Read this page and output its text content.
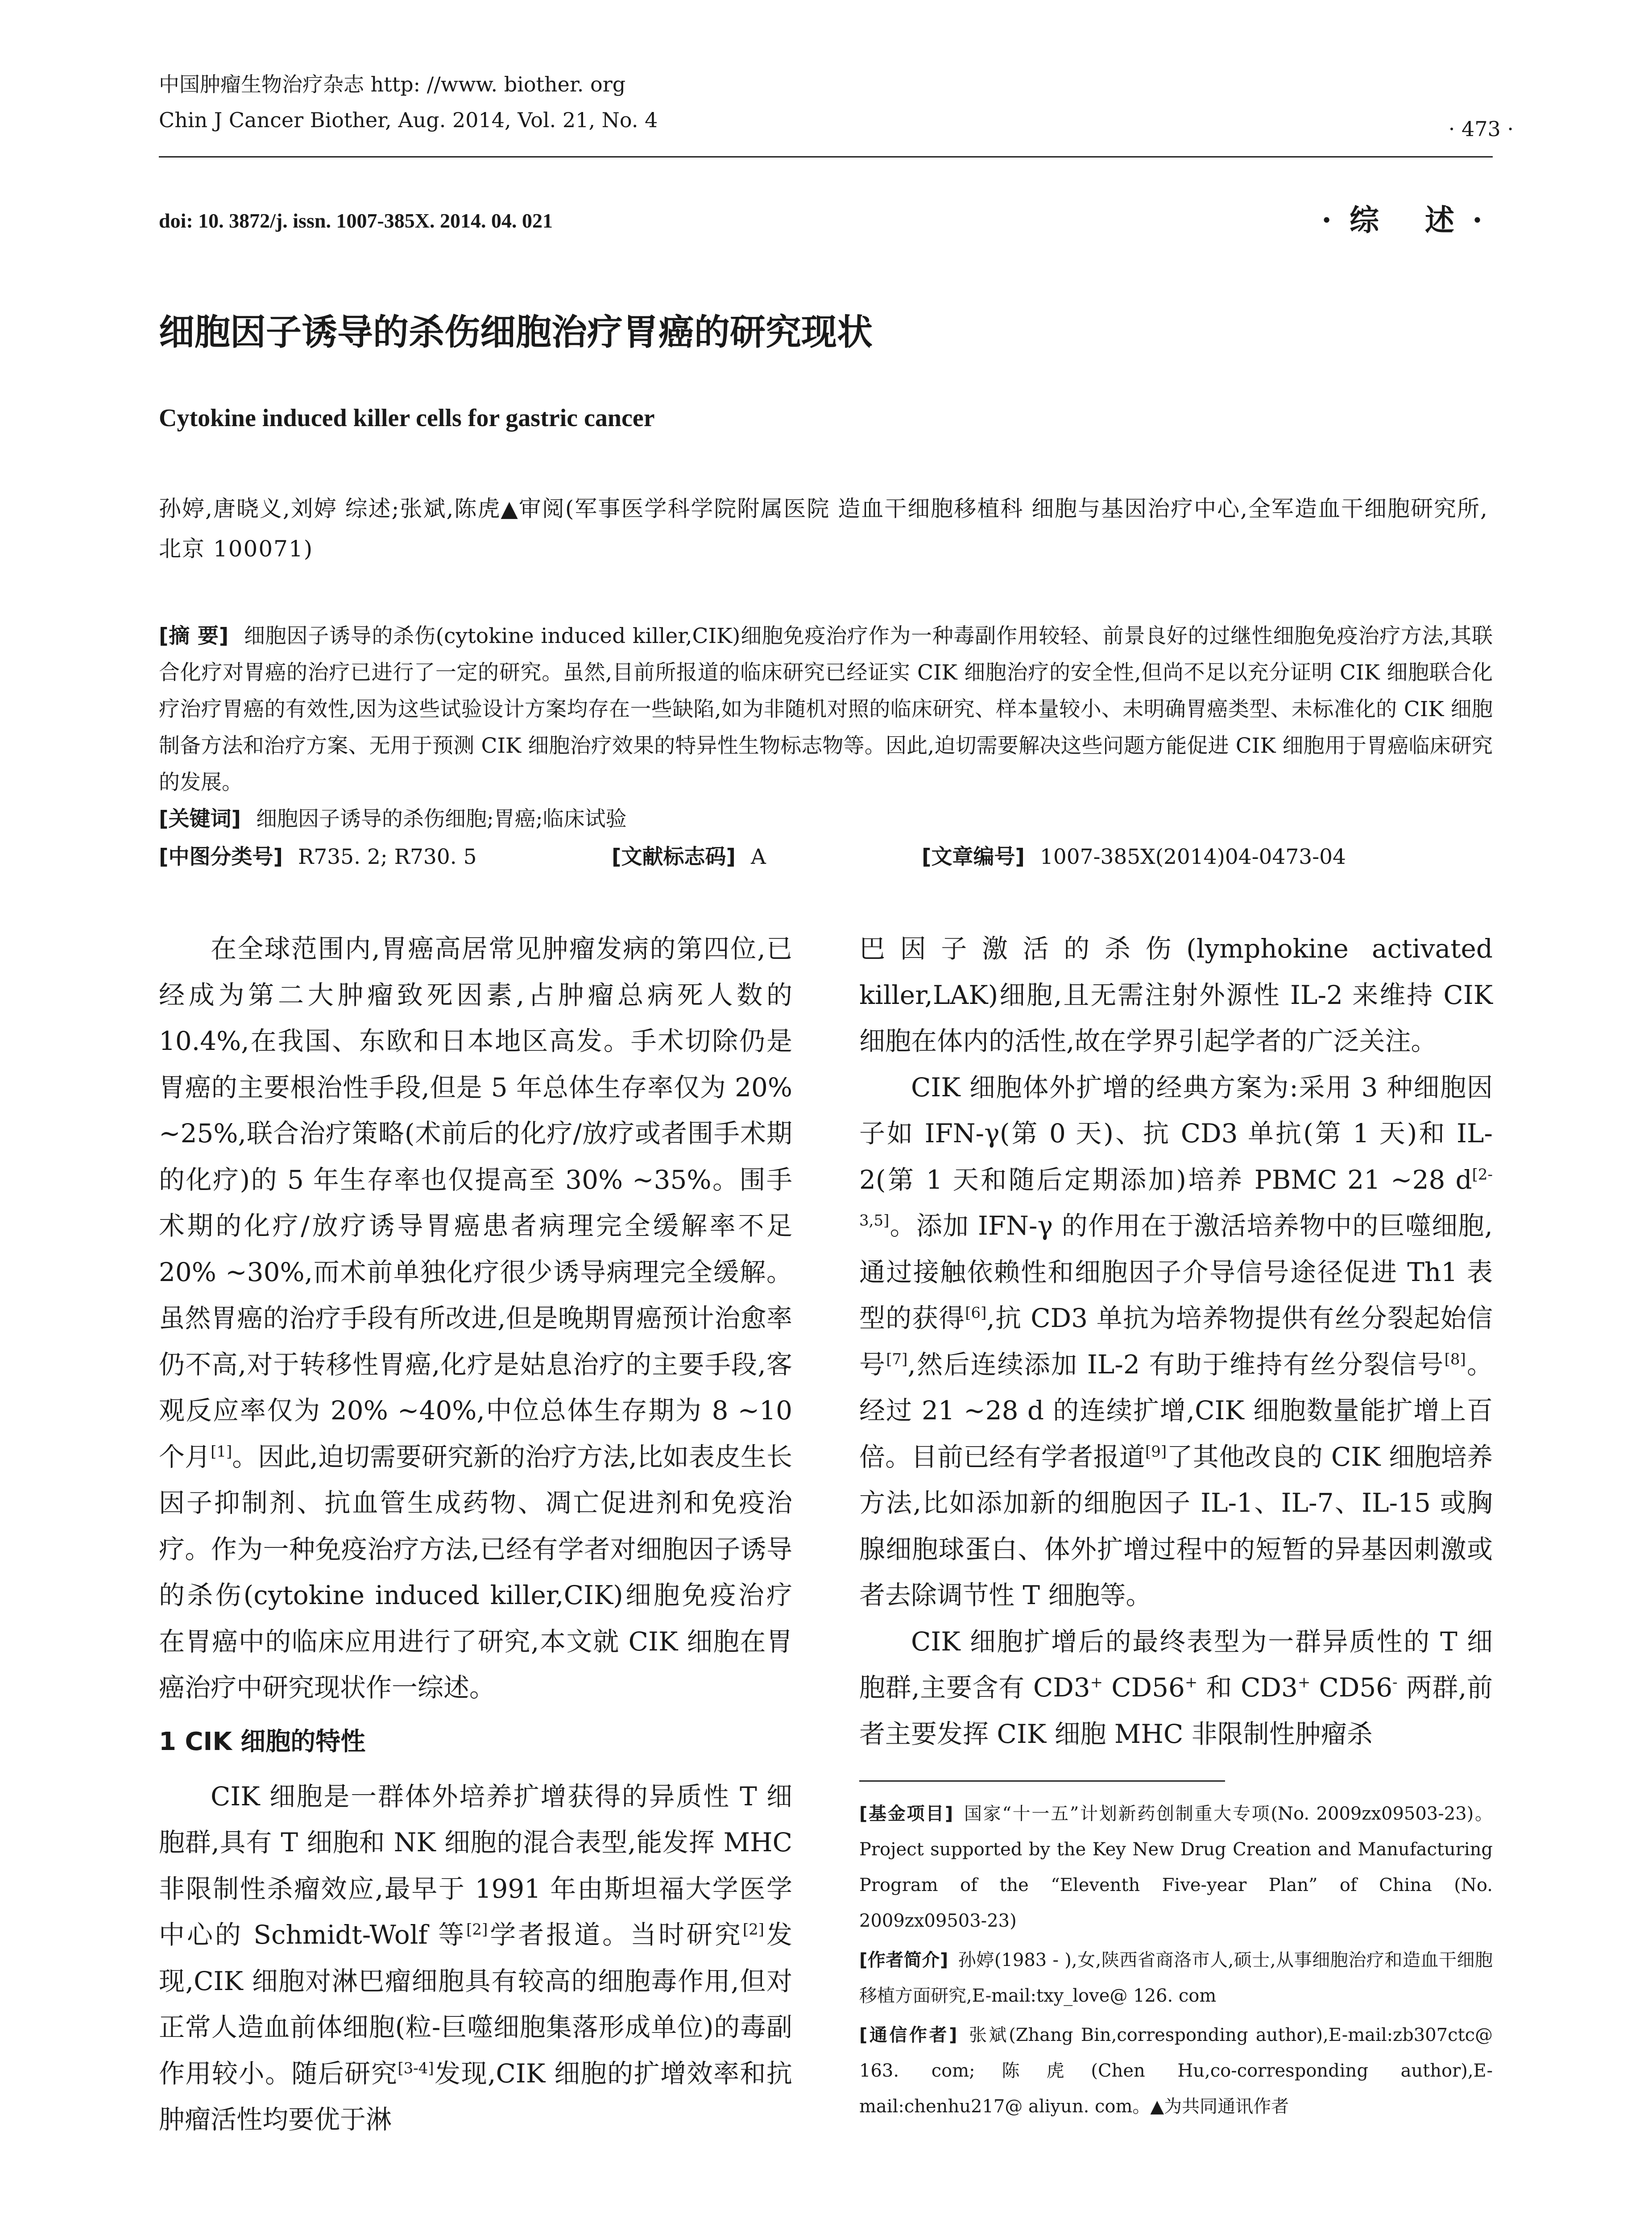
中国肿瘤生物治疗杂志 http: //www. biother. org
Chin J Cancer Biother, Aug. 2014, Vol. 21, No. 4	· 473 ·
doi: 10. 3872/j. issn. 1007-385X. 2014. 04. 021	·综 述·
细胞因子诱导的杀伤细胞治疗胃癌的研究现状
Cytokine induced killer cells for gastric cancer
孙婷,唐晓义,刘婷 综述;张斌,陈虎▲审阅(军事医学科学院附属医院 造血干细胞移植科 细胞与基因治疗中心,全军造血干细胞研究所,北京 100071)
[摘 要] 细胞因子诱导的杀伤(cytokine induced killer,CIK)细胞免疫治疗作为一种毒副作用较轻、前景良好的过继性细胞免疫治疗方法,其联合化疗对胃癌的治疗已进行了一定的研究。虽然,目前所报道的临床研究已经证实 CIK 细胞治疗的安全性,但尚不足以充分证明 CIK 细胞联合化疗治疗胃癌的有效性,因为这些试验设计方案均存在一些缺陷,如为非随机对照的临床研究、样本量较小、未明确胃癌类型、未标准化的 CIK 细胞制备方法和治疗方案、无用于预测 CIK 细胞治疗效果的特异性生物标志物等。因此,迫切需要解决这些问题方能促进 CIK 细胞用于胃癌临床研究的发展。
[关键词] 细胞因子诱导的杀伤细胞;胃癌;临床试验
[中图分类号] R735. 2; R730. 5	[文献标志码] A	[文章编号] 1007-385X(2014)04-0473-04

在全球范围内,胃癌高居常见肿瘤发病的第四位,已经成为第二大肿瘤致死因素,占肿瘤总病死人数的 10.4%,在我国、东欧和日本地区高发。手术切除仍是胃癌的主要根治性手段,但是 5 年总体生存率仅为 20% ~25%,联合治疗策略(术前后的化疗/放疗或者围手术期的化疗)的 5 年生存率也仅提高至 30% ~35%。围手术期的化疗/放疗诱导胃癌患者病理完全缓解率不足 20% ~30%,而术前单独化疗很少诱导病理完全缓解。虽然胃癌的治疗手段有所改进,但是晚期胃癌预计治愈率仍不高,对于转移性胃癌,化疗是姑息治疗的主要手段,客观反应率仅为 20% ~40%,中位总体生存期为 8 ~10 个月[1]。因此,迫切需要研究新的治疗方法,比如表皮生长因子抑制剂、抗血管生成药物、凋亡促进剂和免疫治疗。作为一种免疫治疗方法,已经有学者对细胞因子诱导的杀伤(cytokine induced killer,CIK)细胞免疫治疗在胃癌中的临床应用进行了研究,本文就 CIK 细胞在胃癌治疗中研究现状作一综述。

1 CIK 细胞的特性

CIK 细胞是一群体外培养扩增获得的异质性 T 细胞群,具有 T 细胞和 NK 细胞的混合表型,能发挥 MHC 非限制性杀瘤效应,最早于 1991 年由斯坦福大学医学中心的 Schmidt-Wolf 等[2]学者报道。当时研究[2]发现,CIK 细胞对淋巴瘤细胞具有较高的细胞毒作用,但对正常人造血前体细胞(粒-巨噬细胞集落形成单位)的毒副作用较小。随后研究[3-4]发现,CIK 细胞的扩增效率和抗肿瘤活性均要优于淋

巴因子激活的杀伤(lymphokine activated killer,LAK)细胞,且无需注射外源性 IL-2 来维持 CIK 细胞在体内的活性,故在学界引起学者的广泛关注。

CIK 细胞体外扩增的经典方案为:采用 3 种细胞因子如 IFN-γ(第 0 天)、抗 CD3 单抗(第 1 天)和 IL-2(第 1 天和随后定期添加)培养 PBMC 21 ~28 d[2-3,5]。添加 IFN-γ 的作用在于激活培养物中的巨噬细胞,通过接触依赖性和细胞因子介导信号途径促进 Th1 表型的获得[6],抗 CD3 单抗为培养物提供有丝分裂起始信号[7],然后连续添加 IL-2 有助于维持有丝分裂信号[8]。经过 21 ~28 d 的连续扩增,CIK 细胞数量能扩增上百倍。目前已经有学者报道[9]了其他改良的 CIK 细胞培养方法,比如添加新的细胞因子 IL-1、IL-7、IL-15 或胸腺细胞球蛋白、体外扩增过程中的短暂的异基因刺激或者去除调节性 T 细胞等。

CIK 细胞扩增后的最终表型为一群异质性的 T 细胞群,主要含有 CD3+ CD56+ 和 CD3+ CD56- 两群,前者主要发挥 CIK 细胞 MHC 非限制性肿瘤杀

[基金项目] 国家“十一五”计划新药创制重大专项(No. 2009zx09503-23)。Project supported by the Key New Drug Creation and Manufacturing Program of the “Eleventh Five-year Plan” of China (No. 2009zx09503-23)

[作者简介] 孙婷(1983 - ),女,陕西省商洛市人,硕士,从事细胞治疗和造血干细胞移植方面研究,E-mail:txy_love@ 126. com

[通信作者] 张斌(Zhang Bin,corresponding author),E-mail:zb307ctc@ 163. com;陈虎(Chen Hu,co-corresponding author),E-mail:chenhu217@ aliyun. com。▲为共同通讯作者
